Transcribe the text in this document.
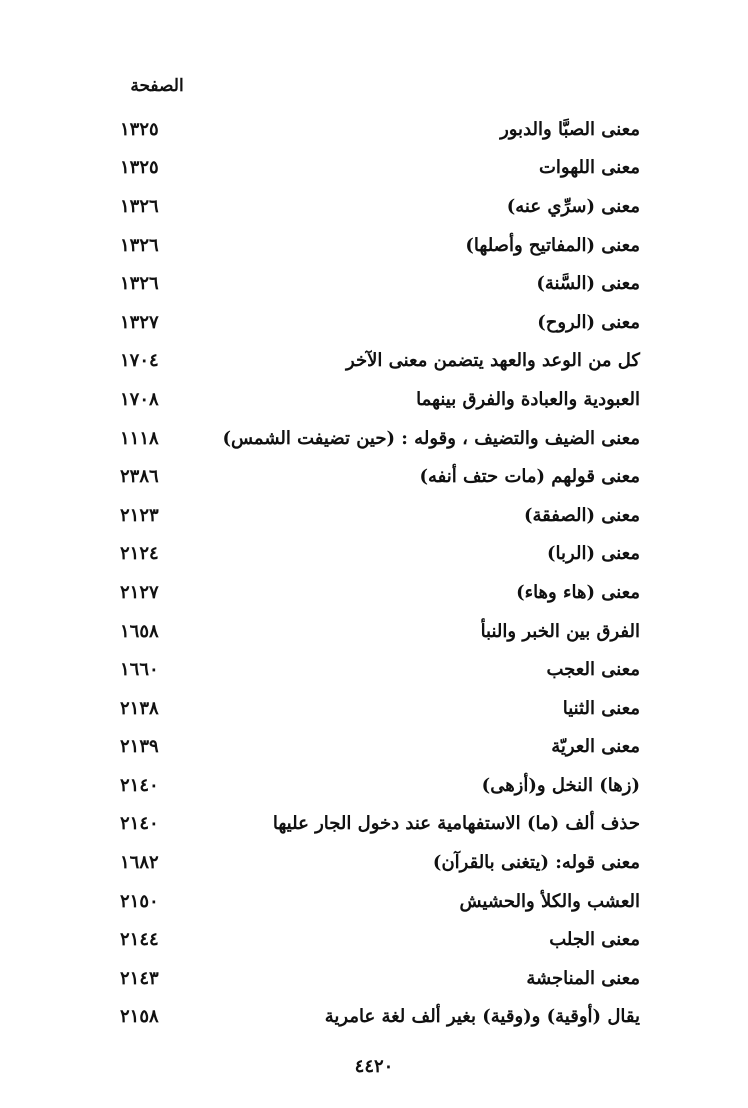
الصفحة
معنى الصبَّا والدبور
١٣٢٥
معنى اللهوات
١٣٢٥
معنى (سرِّي عنه)
١٣٢٦
معنى (المفاتيح وأصلها)
١٣٢٦
معنى (السَّنة)
١٣٢٦
معنى (الروح)
١٣٢٧
كل من الوعد والعهد يتضمن معنى الآخر
١٧٠٤
العبودية والعبادة والفرق بينهما
١٧٠٨
معنى الضيف والتضيف ، وقوله : (حين تضيفت الشمس)
١١١٨
معنى قولهم (مات حتف أنفه)
٢٣٨٦
معنى (الصفقة)
٢١٢٣
معنى (الربا)
٢١٢٤
معنى (هاء وهاء)
٢١٢٧
الفرق بين الخبر والنبأ
١٦٥٨
معنى العجب
١٦٦٠
معنى الثنيا
٢١٣٨
معنى العريّة
٢١٣٩
(زها) النخل و(أزهى)
٢١٤٠
حذف ألف (ما) الاستفهامية عند دخول الجار عليها
٢١٤٠
معنى قوله: (يتغنى بالقرآن)
١٦٨٢
العشب والكلأ والحشيش
٢١٥٠
معنى الجلب
٢١٤٤
معنى المناجشة
٢١٤٣
يقال (أوقية) و(وقية) بغير ألف لغة عامرية
٢١٥٨
٤٤٢٠
